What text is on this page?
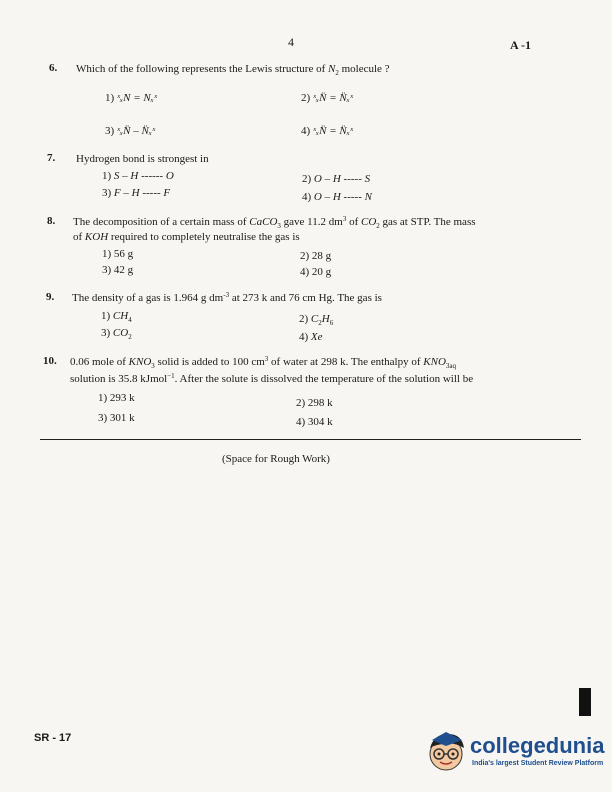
4	A -1
6. Which of the following represents the Lewis structure of $N_2$ molecule ?
1) ˣₓN = Nₓˣ	2) ˣₓN̈ = N̈ₓˣ
3) ˣₓN̈ – N̈ₓˣ	4) ˣₓN̈ = N̈ₓˣ
7. Hydrogen bond is strongest in
1) S – H ------ O	2) O – H ----- S
3) F – H ----- F	4) O – H ----- N
8. The decomposition of a certain mass of CaCO$_3$ gave 11.2 $dm^3$ of $CO_2$ gas at STP. The mass
of KOH required to completely neutralise the gas is
1) 56 g	2) 28 g
3) 42 g	4) 20 g
9. The density of a gas is 1.964 g $dm^{-3}$ at 273 k and 76 cm Hg. The gas is
1) $CH_4$	2) $C_2H_6$
3) $CO_2$	4) Xe
10. 0.06 mole of $KNO_3$ solid is added to 100 $cm^3$ of water at 298 k. The enthalpy of $KNO_{3aq}$
solution is 35.8 kJmol$^{-1}$. After the solute is dissolved the temperature of the solution will be
1) 293 k	2) 298 k
3) 301 k	4) 304 k
(Space for Rough Work)
SR - 17	collegedunia
India's largest Student Review Platform
